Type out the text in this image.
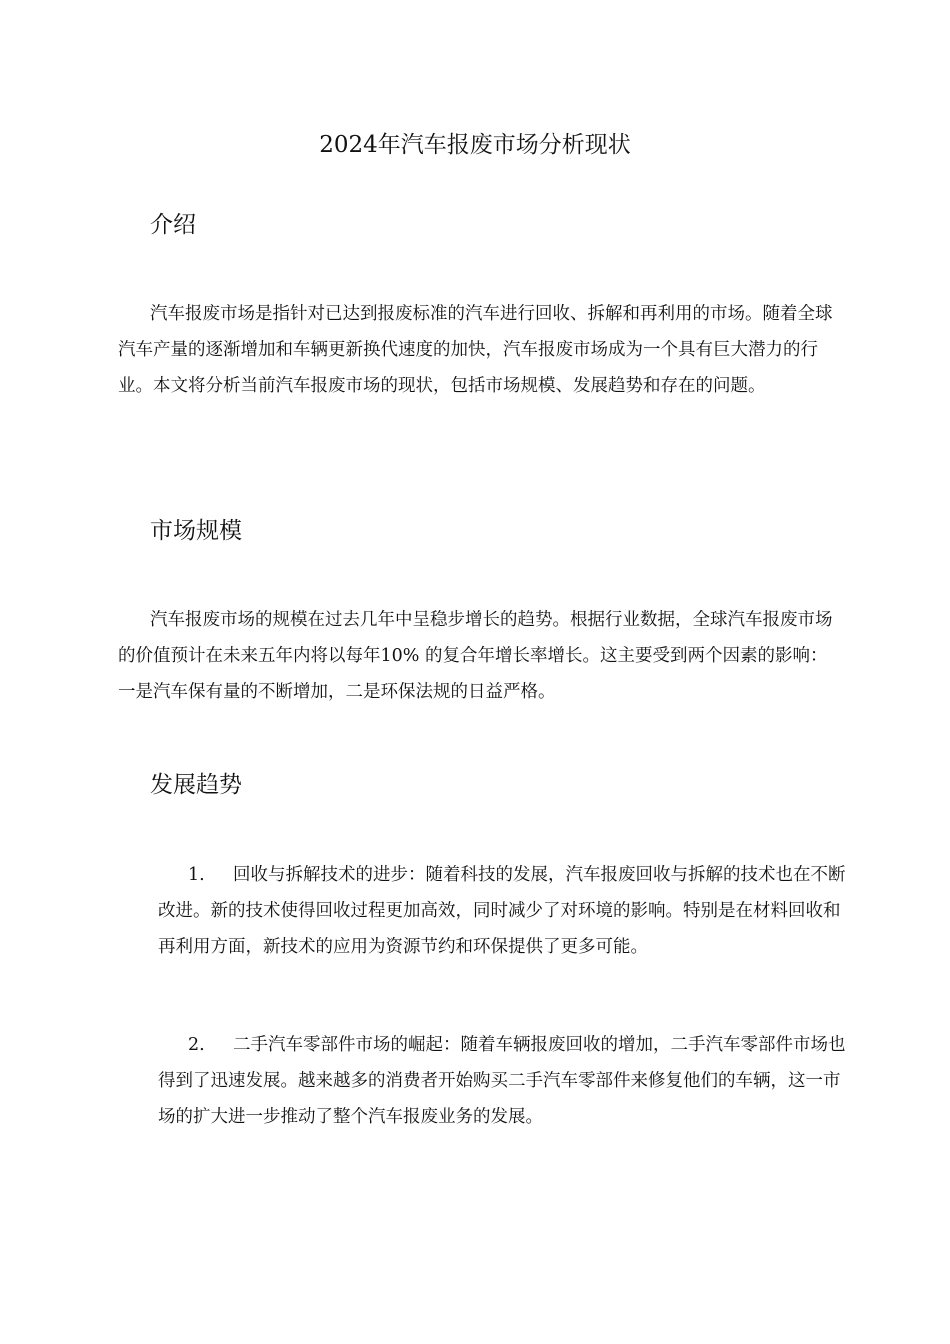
2024年汽车报废市场分析现状
介绍

汽车报废市场是指针对已达到报废标准的汽车进行回收、拆解和再利用的市场。随着全球汽车产量的逐渐增加和车辆更新换代速度的加快，汽车报废市场成为一个具有巨大潜力的行业。本文将分析当前汽车报废市场的现状，包括市场规模、发展趋势和存在的问题。

市场规模

汽车报废市场的规模在过去几年中呈稳步增长的趋势。根据行业数据，全球汽车报废市场的价值预计在未来五年内将以每年10% 的复合年增长率增长。这主要受到两个因素的影响：一是汽车保有量的不断增加，二是环保法规的日益严格。

发展趋势

1. 回收与拆解技术的进步：随着科技的发展，汽车报废回收与拆解的技术也在不断改进。新的技术使得回收过程更加高效，同时减少了对环境的影响。特别是在材料回收和再利用方面，新技术的应用为资源节约和环保提供了更多可能。

2. 二手汽车零部件市场的崛起：随着车辆报废回收的增加，二手汽车零部件市场也得到了迅速发展。越来越多的消费者开始购买二手汽车零部件来修复他们的车辆，这一市场的扩大进一步推动了整个汽车报废业务的发展。
